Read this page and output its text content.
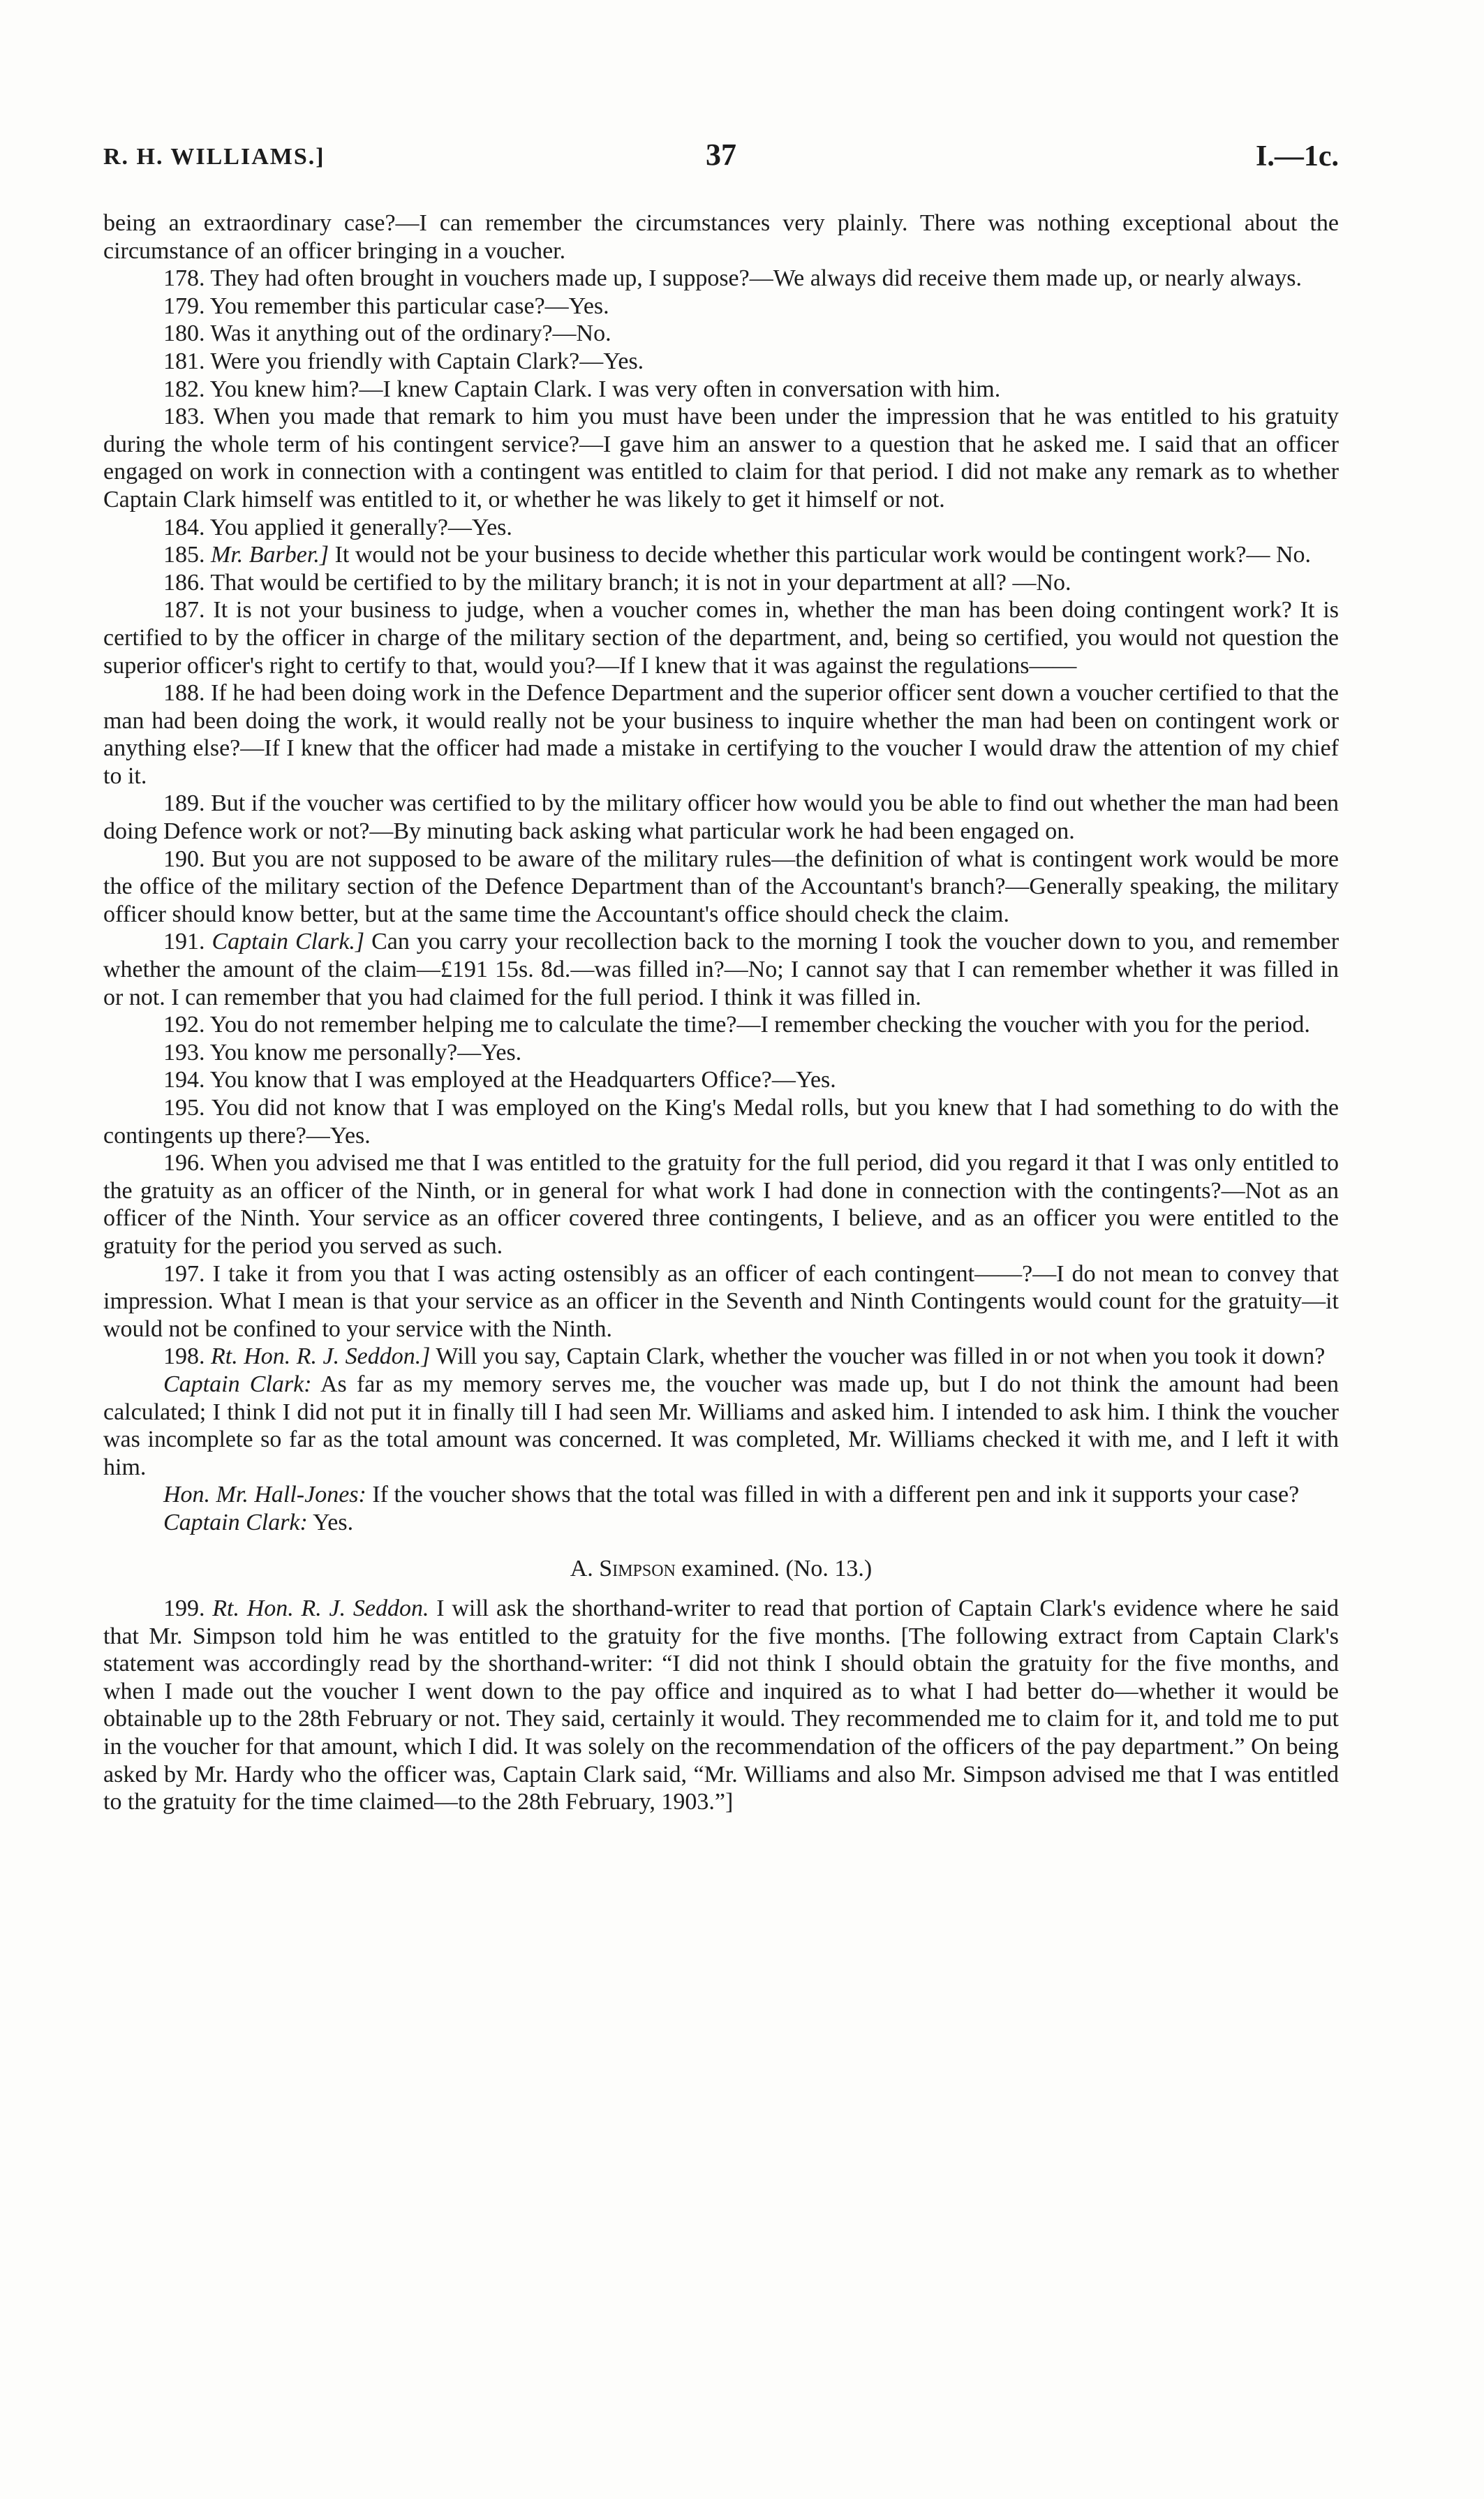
R. H. WILLIAMS.]	37	I.—1c.

being an extraordinary case?—I can remember the circumstances very plainly. There was nothing exceptional about the circumstance of an officer bringing in a voucher.

178. They had often brought in vouchers made up, I suppose?—We always did receive them made up, or nearly always.

179. You remember this particular case?—Yes.

180. Was it anything out of the ordinary?—No.

181. Were you friendly with Captain Clark?—Yes.

182. You knew him?—I knew Captain Clark. I was very often in conversation with him.

183. When you made that remark to him you must have been under the impression that he was entitled to his gratuity during the whole term of his contingent service?—I gave him an answer to a question that he asked me. I said that an officer engaged on work in connection with a contingent was entitled to claim for that period. I did not make any remark as to whether Captain Clark himself was entitled to it, or whether he was likely to get it himself or not.

184. You applied it generally?—Yes.

185. Mr. Barber.] It would not be your business to decide whether this particular work would be contingent work?— No.

186. That would be certified to by the military branch; it is not in your department at all? —No.

187. It is not your business to judge, when a voucher comes in, whether the man has been doing contingent work? It is certified to by the officer in charge of the military section of the department, and, being so certified, you would not question the superior officer's right to certify to that, would you?—If I knew that it was against the regulations——

188. If he had been doing work in the Defence Department and the superior officer sent down a voucher certified to that the man had been doing the work, it would really not be your business to inquire whether the man had been on contingent work or anything else?—If I knew that the officer had made a mistake in certifying to the voucher I would draw the attention of my chief to it.

189. But if the voucher was certified to by the military officer how would you be able to find out whether the man had been doing Defence work or not?—By minuting back asking what particular work he had been engaged on.

190. But you are not supposed to be aware of the military rules—the definition of what is contingent work would be more the office of the military section of the Defence Department than of the Accountant's branch?—Generally speaking, the military officer should know better, but at the same time the Accountant's office should check the claim.

191. Captain Clark.] Can you carry your recollection back to the morning I took the voucher down to you, and remember whether the amount of the claim—£191 15s. 8d.—was filled in?—No; I cannot say that I can remember whether it was filled in or not. I can remember that you had claimed for the full period. I think it was filled in.

192. You do not remember helping me to calculate the time?—I remember checking the voucher with you for the period.

193. You know me personally?—Yes.

194. You know that I was employed at the Headquarters Office?—Yes.

195. You did not know that I was employed on the King's Medal rolls, but you knew that I had something to do with the contingents up there?—Yes.

196. When you advised me that I was entitled to the gratuity for the full period, did you regard it that I was only entitled to the gratuity as an officer of the Ninth, or in general for what work I had done in connection with the contingents?—Not as an officer of the Ninth. Your service as an officer covered three contingents, I believe, and as an officer you were entitled to the gratuity for the period you served as such.

197. I take it from you that I was acting ostensibly as an officer of each contingent——?—I do not mean to convey that impression. What I mean is that your service as an officer in the Seventh and Ninth Contingents would count for the gratuity—it would not be confined to your service with the Ninth.

198. Rt. Hon. R. J. Seddon.] Will you say, Captain Clark, whether the voucher was filled in or not when you took it down?

Captain Clark: As far as my memory serves me, the voucher was made up, but I do not think the amount had been calculated; I think I did not put it in finally till I had seen Mr. Williams and asked him. I intended to ask him. I think the voucher was incomplete so far as the total amount was concerned. It was completed, Mr. Williams checked it with me, and I left it with him.

Hon. Mr. Hall-Jones: If the voucher shows that the total was filled in with a different pen and ink it supports your case?

Captain Clark: Yes.

A. Simpson examined. (No. 13.)

199. Rt. Hon. R. J. Seddon. I will ask the shorthand-writer to read that portion of Captain Clark's evidence where he said that Mr. Simpson told him he was entitled to the gratuity for the five months. [The following extract from Captain Clark's statement was accordingly read by the shorthand-writer: “I did not think I should obtain the gratuity for the five months, and when I made out the voucher I went down to the pay office and inquired as to what I had better do—whether it would be obtainable up to the 28th February or not. They said, certainly it would. They recommended me to claim for it, and told me to put in the voucher for that amount, which I did. It was solely on the recommendation of the officers of the pay department.” On being asked by Mr. Hardy who the officer was, Captain Clark said, “Mr. Williams and also Mr. Simpson advised me that I was entitled to the gratuity for the time claimed—to the 28th February, 1903.”]
